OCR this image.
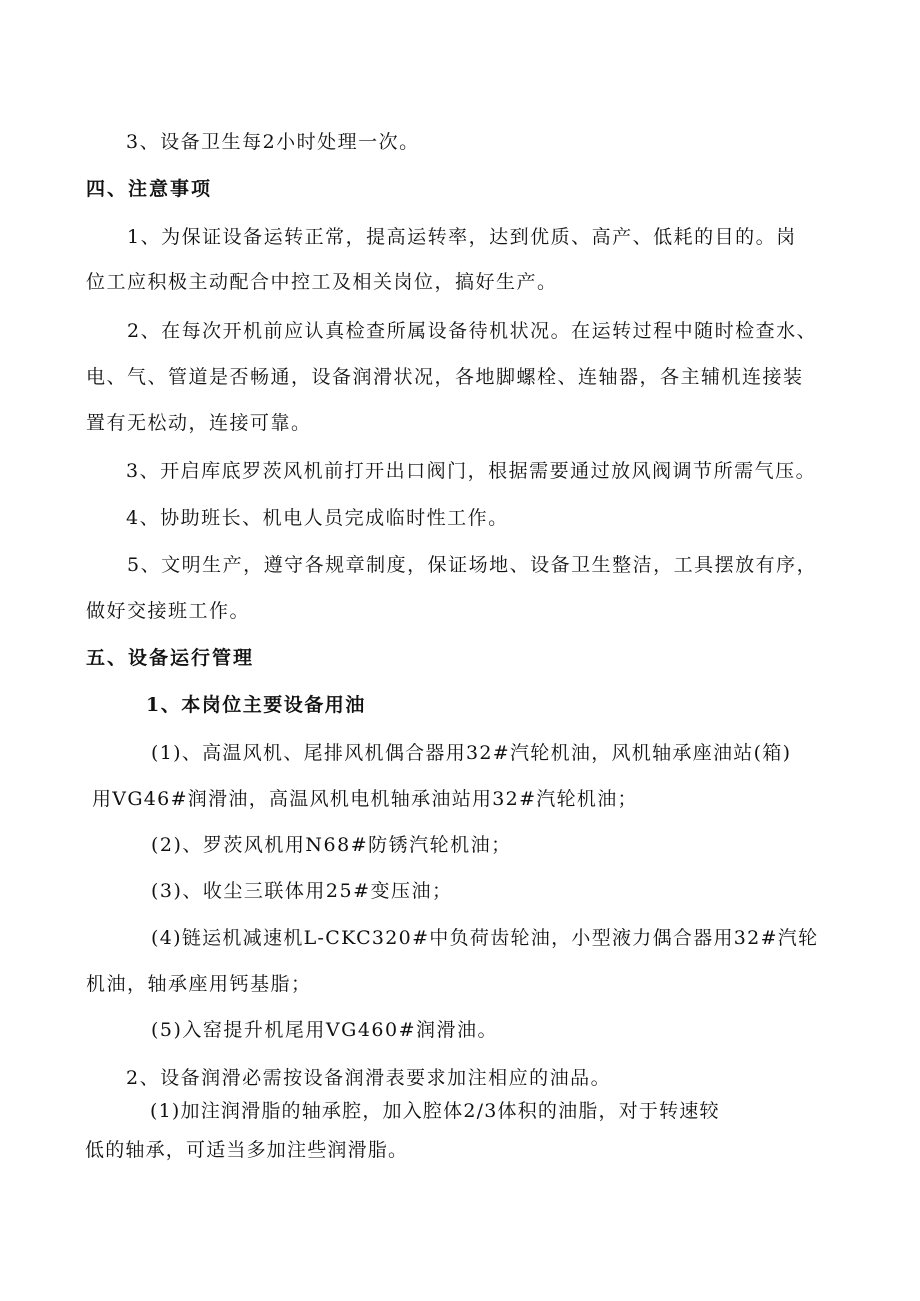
3、设备卫生每2小时处理一次。
四、注意事项
1、为保证设备运转正常，提高运转率，达到优质、高产、低耗的目的。岗
位工应积极主动配合中控工及相关岗位，搞好生产。
2、在每次开机前应认真检查所属设备待机状况。在运转过程中随时检查水、
电、气、管道是否畅通，设备润滑状况，各地脚螺栓、连轴器，各主辅机连接装
置有无松动，连接可靠。
3、开启库底罗茨风机前打开出口阀门，根据需要通过放风阀调节所需气压。
4、协助班长、机电人员完成临时性工作。
5、文明生产，遵守各规章制度，保证场地、设备卫生整洁，工具摆放有序，
做好交接班工作。
五、设备运行管理
1、本岗位主要设备用油
(1)、高温风机、尾排风机偶合器用32#汽轮机油，风机轴承座油站(箱)
用VG46#润滑油，高温风机电机轴承油站用32#汽轮机油；
(2)、罗茨风机用N68#防锈汽轮机油；
(3)、收尘三联体用25#变压油；
(4)链运机减速机L-CKC320#中负荷齿轮油，小型液力偶合器用32#汽轮
机油，轴承座用钙基脂；
(5)入窑提升机尾用VG460#润滑油。
2、设备润滑必需按设备润滑表要求加注相应的油品。
(1)加注润滑脂的轴承腔，加入腔体2/3体积的油脂，对于转速较
低的轴承，可适当多加注些润滑脂。
